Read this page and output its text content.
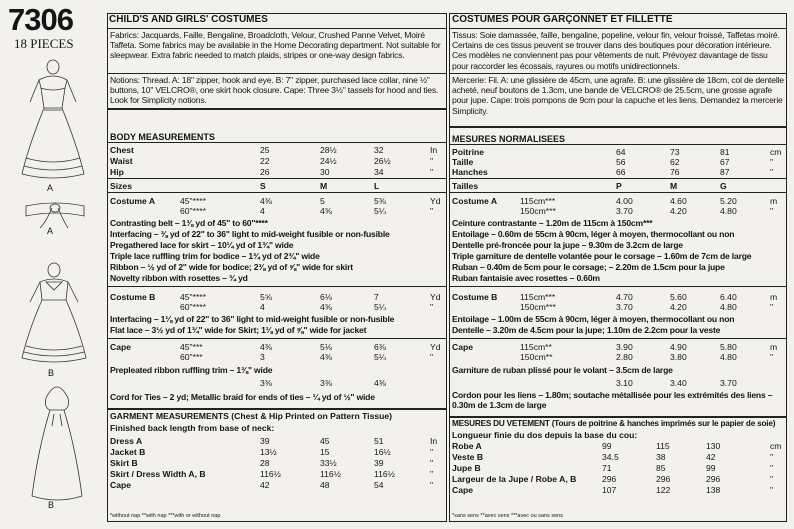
7306
18 PIECES
A
A
B
B
CHILD'S AND GIRLS' COSTUMES

Fabrics: Jacquards, Faille, Bengaline, Broadcloth, Velour, Crushed Panne Velvet, Moiré Taffeta. Some fabrics may be available in the Home Decorating department. Not suitable for sleepwear. Extra fabric needed to match plaids, stripes or one-way design fabrics.

Notions: Thread. A: 18" zipper, hook and eye. B: 7" zipper, purchased lace collar, nine ½" buttons, 10" VELCRO®, one skirt hook closure. Cape: Three 3½" tassels for hood and ties. Look for Simplicity notions.

BODY MEASUREMENTS
Sizes	S	M	L
GARMENT MEASUREMENTS (Chest & Hip Printed on Pattern Tissue)
Finished back length from base of neck:
*without nap **with nap ***with or without nap
COSTUMES POUR GARÇONNET ET FILLETTE

Tissus: Soie damassée, faille, bengaline, popeline, velour fin, velour froissé, Taffetas moiré. Certains de ces tissus peuvent se trouver dans des boutiques pour décoration intérieure. Ces modèles ne conviennent pas pour vêtements de nuit. Prévoyez davantage de tissu pour raccorder les écossais, rayures ou motifs unidirectionnels.

Mercerie: Fil. A: une glissière de 45cm, une agrafe. B: une glissière de 18cm, col de dentelle acheté, neuf boutons de 1.3cm, une bande de VELCRO® de 25.5cm, une grosse agrafe pour jupe. Cape: trois pompons de 9cm pour la capuche et les liens. Demandez la mercerie Simplicity.

MESURES NORMALISEES
Tailles	P	M	G
MESURES DU VETEMENT (Tours de poitrine & hanches imprimés sur le papier de soie)
Longueur finie du dos depuis la base du cou:
*sans sens **avec sens ***avec ou sans sens
Chest	25	28½	32	In
Waist	22	24½	26½	"
Hip	26	30	34	"
Costume A	45"****	4⅜	5	5⅜	Yd
60"****	4	4⅜	5¼	"
Contrasting belt – 1⅜ yd of 45" to 60"****
Interfacing – ⅜ yd of 22" to 36" light to mid-weight fusible or non-fusible
Pregathered lace for skirt – 10¼ yd of 1¾" wide
Triple lace ruffling trim for bodice – 1¾ yd of 2¾" wide
Ribbon – ½ yd of 2" wide for bodice; 2⅜ yd of ⅝" wide for skirt
Novelty ribbon with rosettes – ¾ yd
Costume B	45"****	5⅝	6⅛	7	Yd
60"****	4	4⅜	5¼	"
Interfacing – 1⅛ yd of 22" to 36" light to mid-weight fusible or non-fusible
Flat lace – 3½ yd of 1¾" wide for Skirt; 1⅛ yd of ⅝" wide for jacket
Cape	45"***	4⅜	5⅛	6⅜	Yd
60"***	3	4⅜	5¼	"
Prepleated ribbon ruffling trim – 1⅜" wide
3⅜	3⅜	4⅜
Cord for Ties – 2 yd; Metallic braid for ends of ties – ¼ yd of ½" wide
Dress A	39	45	51	In
Jacket B	13½	15	16½	"
Skirt B	28	33½	39	"
Skirt / Dress Width A, B	116½	116½	116½	"
Cape	42	48	54	"
Poitrine	64	73	81	cm
Taille	56	62	67	"
Hanches	66	76	87	"
Costume A	115cm***	4.00	4.60	5.20	m
150cm***	3.70	4.20	4.80	"
Ceinture contrastante – 1.20m de 115cm à 150cm***
Entoilage – 0.60m de 55cm à 90cm, léger à moyen, thermocollant ou non
Dentelle pré-froncée pour la jupe – 9.30m de 3.2cm de large
Triple garniture de dentelle volantée pour le corsage – 1.60m de 7cm de large
Ruban – 0.40m de 5cm pour le corsage; – 2.20m de 1.5cm pour la jupe
Ruban fantaisie avec rosettes – 0.60m
Costume B	115cm***	4.70	5.60	6.40	m
150cm***	3.70	4.20	4.80	"
Entoilage – 1.00m de 55cm à 90cm, léger à moyen, thermocollant ou non
Dentelle – 3.20m de 4.5cm pour la jupe; 1.10m de 2.2cm pour la veste
Cape	115cm**	3.90	4.90	5.80	m
150cm**	2.80	3.80	4.80	"
Garniture de ruban plissé pour le volant – 3.5cm de large
3.10	3.40	3.70

Cordon pour les liens – 1.80m; soutache métallisée pour les extrémités des liens – 0.30m de 1.3cm de large

Robe A	99	115	130	cm
Veste B	34.5	38	42	"
Jupe B	71	85	99	"
Largeur de la Jupe / Robe A, B	296	296	296	"
Cape	107	122	138	"
